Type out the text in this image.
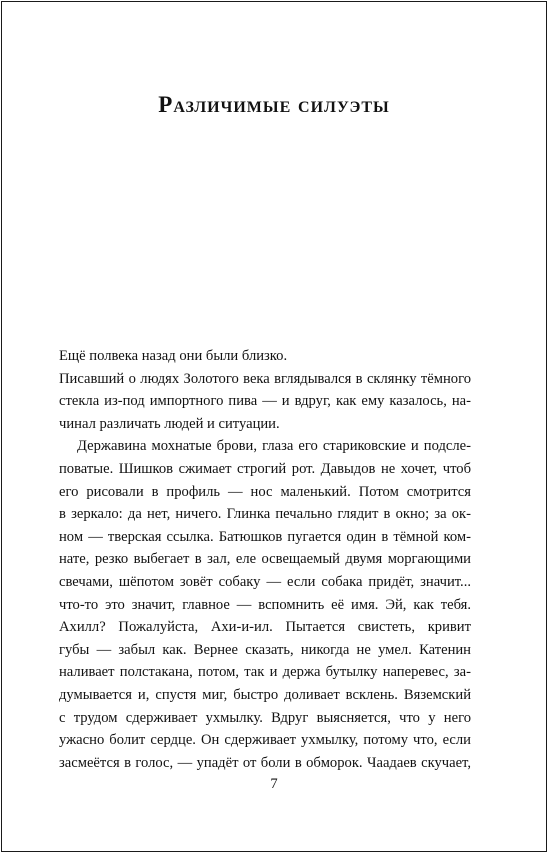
Различимые силуэты
Ещё полвека назад они были близко.
Писавший о людях Золотого века вглядывался в склянку тёмного
стекла из-под импортного пива — и вдруг, как ему казалось, на-
чинал различать людей и ситуации.
Державина мохнатые брови, глаза его стариковские и подсле-
поватые. Шишков сжимает строгий рот. Давыдов не хочет, чтоб
его рисовали в профиль — нос маленький. Потом смотрится
в зеркало: да нет, ничего. Глинка печально глядит в окно; за ок-
ном — тверская ссылка. Батюшков пугается один в тёмной ком-
нате, резко выбегает в зал, еле освещаемый двумя моргающими
свечами, шёпотом зовёт собаку — если собака придёт, значит...
что-то это значит, главное — вспомнить её имя. Эй, как тебя.
Ахилл? Пожалуйста, Ахи-и-ил. Пытается свистеть, кривит
губы — забыл как. Вернее сказать, никогда не умел. Катенин
наливает полстакана, потом, так и держа бутылку наперевес, за-
думывается и, спустя миг, быстро доливает всклень. Вяземский
с трудом сдерживает ухмылку. Вдруг выясняется, что у него
ужасно болит сердце. Он сдерживает ухмылку, потому что, если
засмеётся в голос, — упадёт от боли в обморок. Чаадаев скучает,
7
